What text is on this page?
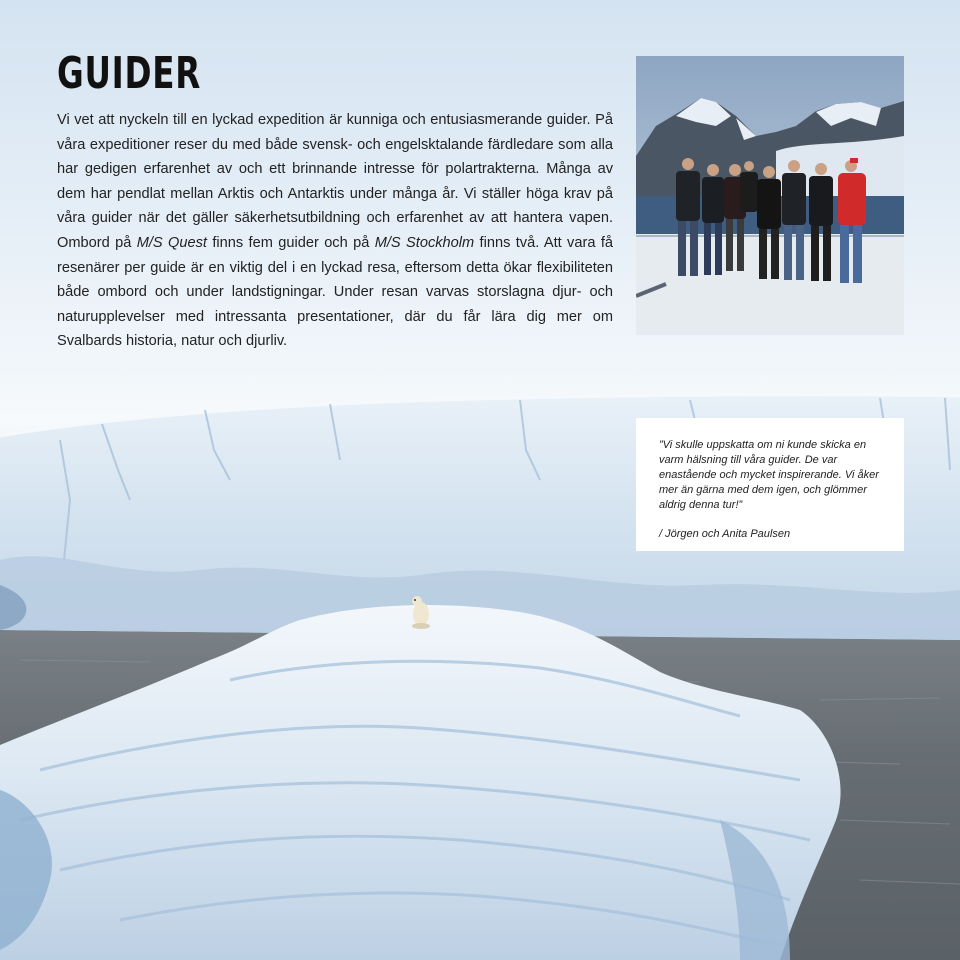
GUIDER

Vi vet att nyckeln till en lyckad expedition är kunniga och entusiasmerande guider. På våra expeditioner reser du med både svensk- och engelsktalande färdledare som alla har gedigen erfarenhet av och ett brinnande intresse för polartrakterna. Många av dem har pendlat mellan Arktis och Antarktis under många år. Vi ställer höga krav på våra guider när det gäller säkerhetsutbildning och erfarenhet av att hantera vapen. Ombord på M/S Quest finns fem guider och på M/S Stockholm finns två. Att vara få resenärer per guide är en viktig del i en lyckad resa, eftersom detta ökar flexibiliteten både ombord och under landstigningar. Under resan varvas storslagna djur- och naturupplevelser med intressanta presentationer, där du får lära dig mer om Svalbards historia, natur och djurliv.

”Vi skulle uppskatta om ni kunde skicka en varm hälsning till våra guider. De var enastående och mycket inspirerande. Vi åker mer än gärna med dem igen, och glömmer aldrig denna tur!”

/ Jörgen och Anita Paulsen
